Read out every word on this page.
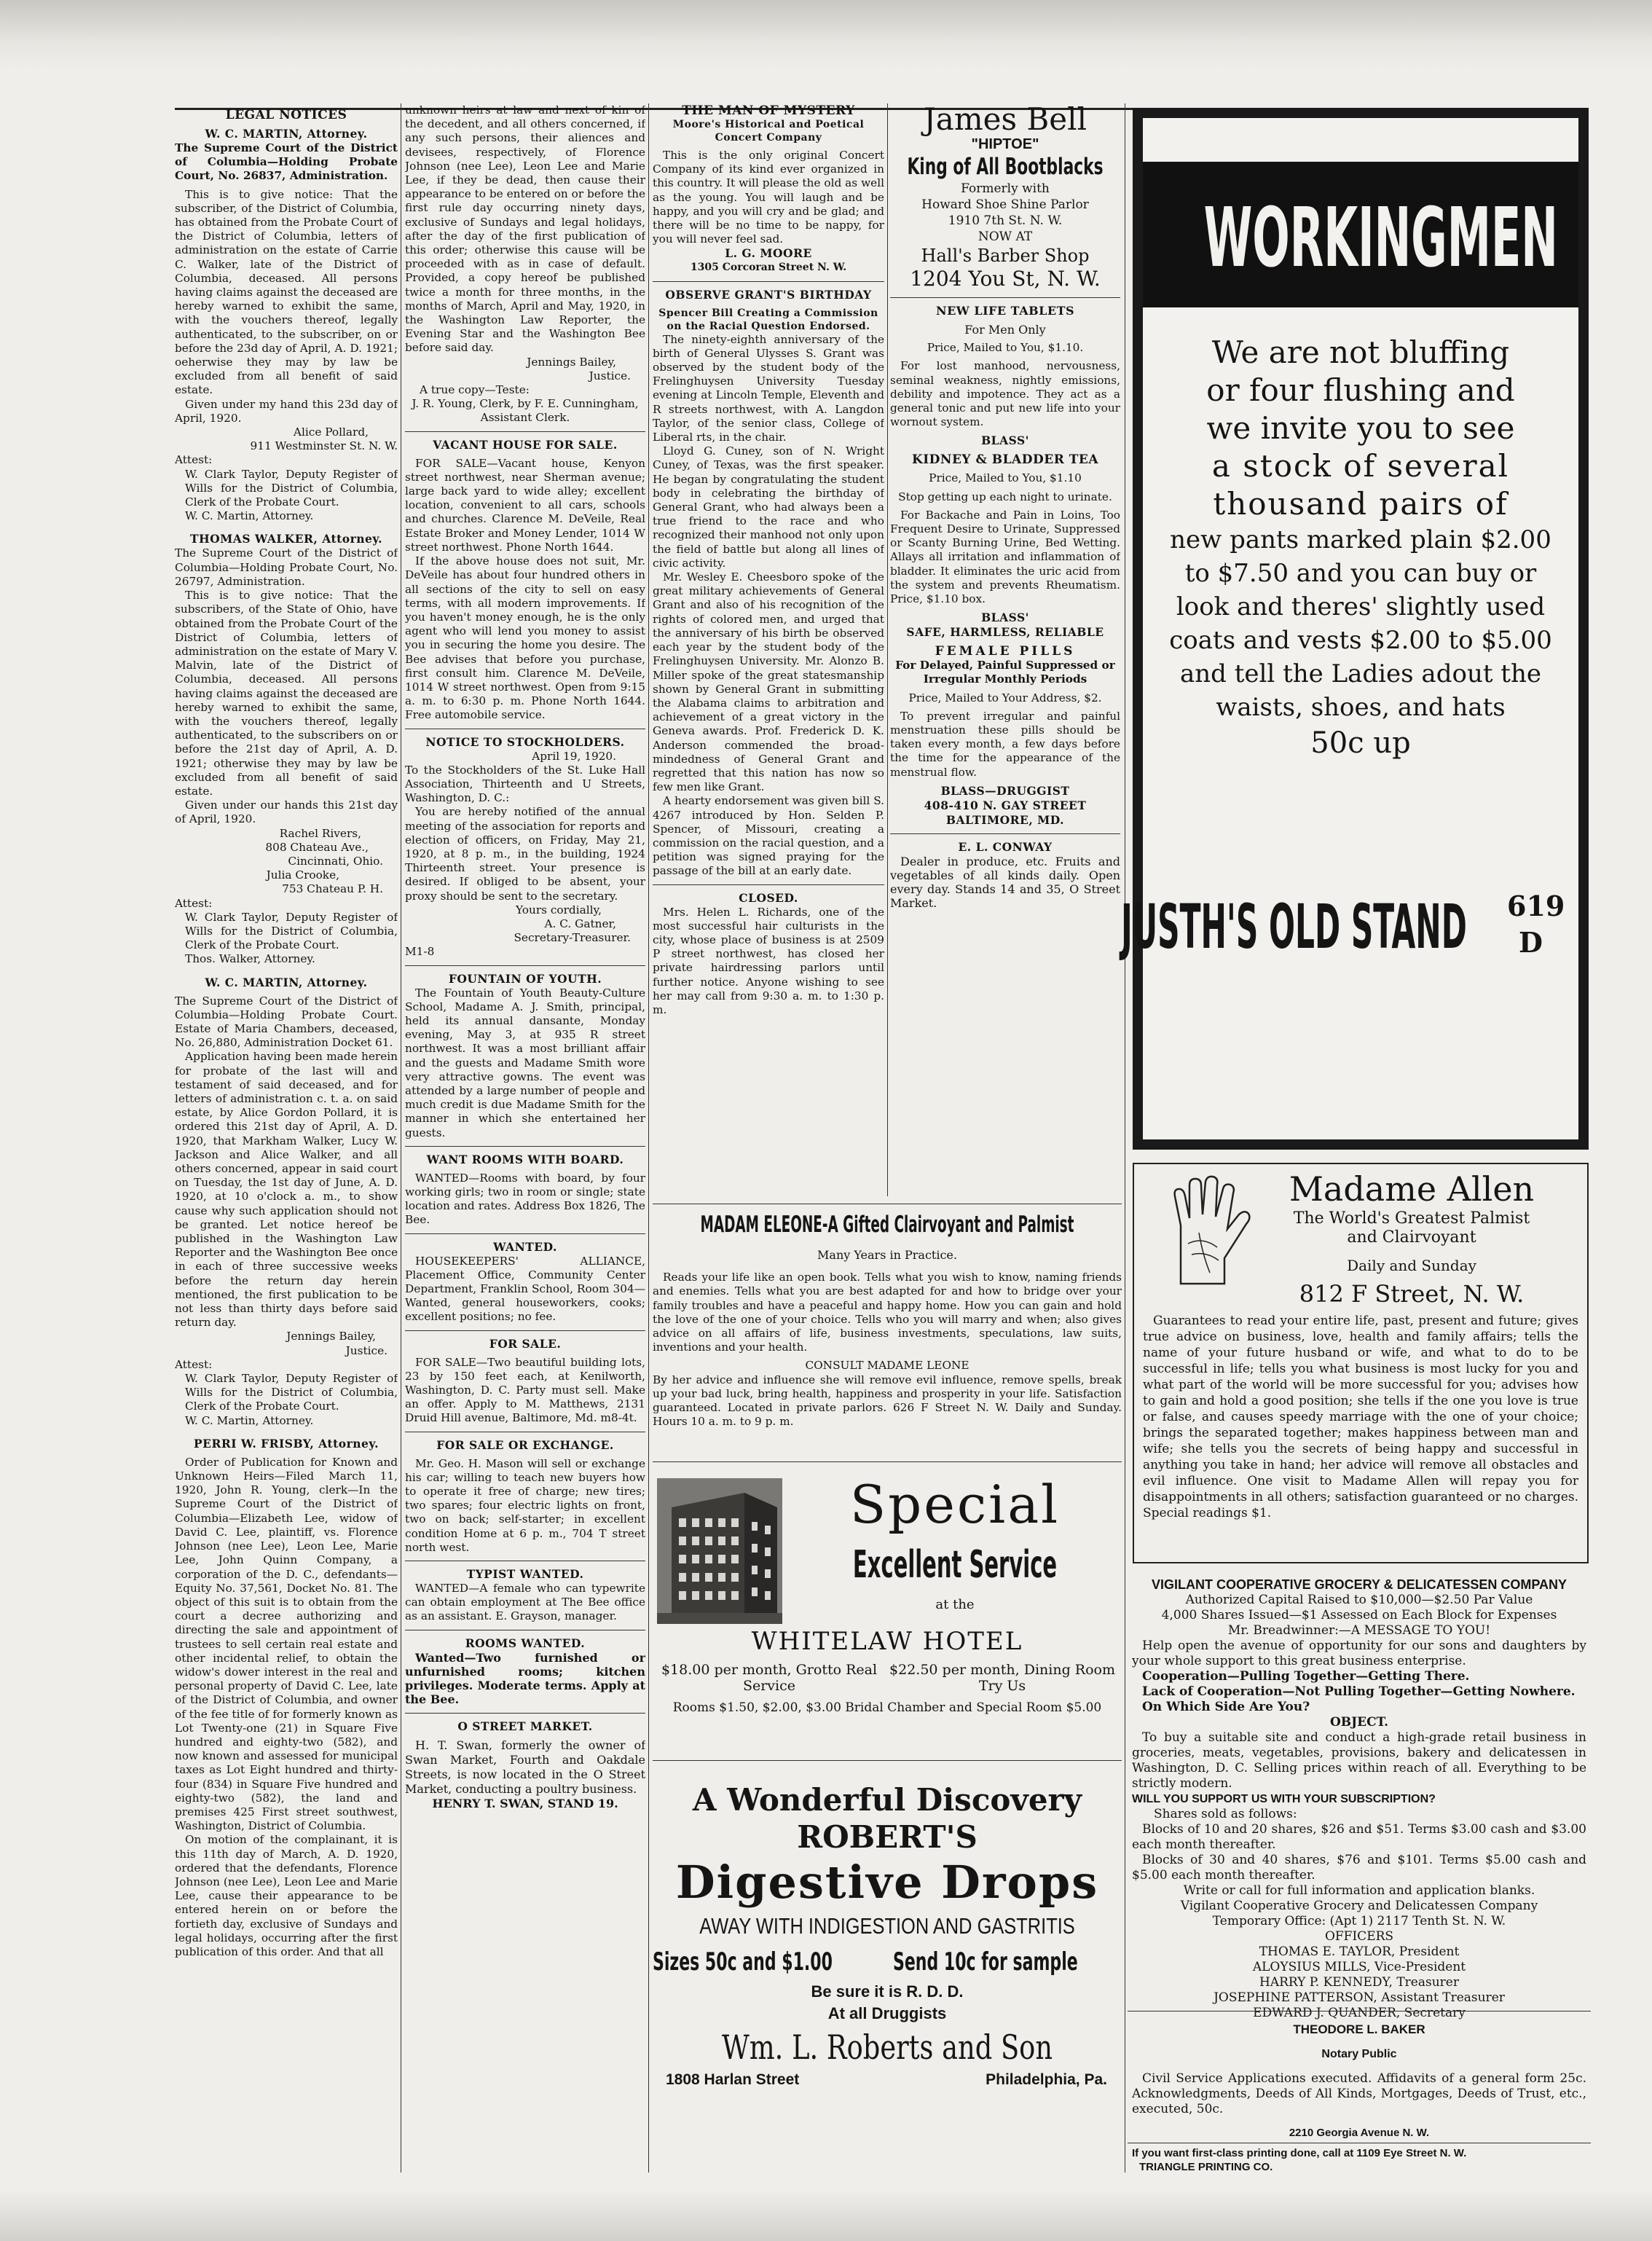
LEGAL NOTICES

W. C. MARTIN, Attorney.

The Supreme Court of the District of Columbia—Holding Probate Court, No. 26837, Administration.

This is to give notice: That the subscriber, of the District of Columbia, has obtained from the Probate Court of the District of Columbia, letters of administration on the estate of Carrie C. Walker, late of the District of Columbia, deceased. All persons having claims against the deceased are hereby warned to exhibit the same, with the vouchers thereof, legally authenticated, to the subscriber, on or before the 23d day of April, A. D. 1921; oeherwise they may by law be excluded from all benefit of said estate.

Given under my hand this 23d day of April, 1920.

Alice Pollard,

911 Westminster St. N. W.

Attest:

W. Clark Taylor, Deputy Register of Wills for the District of Columbia, Clerk of the Probate Court.

W. C. Martin, Attorney.

THOMAS WALKER, Attorney.

The Supreme Court of the District of Columbia—Holding Probate Court, No. 26797, Administration.

This is to give notice: That the subscribers, of the State of Ohio, have obtained from the Probate Court of the District of Columbia, letters of administration on the estate of Mary V. Malvin, late of the District of Columbia, deceased. All persons having claims against the deceased are hereby warned to exhibit the same, with the vouchers thereof, legally authenticated, to the subscribers on or before the 21st day of April, A. D. 1921; otherwise they may by law be excluded from all benefit of said estate.

Given under our hands this 21st day of April, 1920.

Rachel Rivers,

808 Chateau Ave.,

Cincinnati, Ohio.

Julia Crooke,

753 Chateau P. H.

Attest:

W. Clark Taylor, Deputy Register of Wills for the District of Columbia, Clerk of the Probate Court.

Thos. Walker, Attorney.

W. C. MARTIN, Attorney.

The Supreme Court of the District of Columbia—Holding Probate Court. Estate of Maria Chambers, deceased, No. 26,880, Administration Docket 61.

Application having been made herein for probate of the last will and testament of said deceased, and for letters of administration c. t. a. on said estate, by Alice Gordon Pollard, it is ordered this 21st day of April, A. D. 1920, that Markham Walker, Lucy W. Jackson and Alice Walker, and all others concerned, appear in said court on Tuesday, the 1st day of June, A. D. 1920, at 10 o'clock a. m., to show cause why such application should not be granted. Let notice hereof be published in the Washington Law Reporter and the Washington Bee once in each of three successive weeks before the return day herein mentioned, the first publication to be not less than thirty days before said return day.

Jennings Bailey,

Justice.

Attest:

W. Clark Taylor, Deputy Register of Wills for the District of Columbia, Clerk of the Probate Court.

W. C. Martin, Attorney.

PERRI W. FRISBY, Attorney.

Order of Publication for Known and Unknown Heirs—Filed March 11, 1920, John R. Young, clerk—In the Supreme Court of the District of Columbia—Elizabeth Lee, widow of David C. Lee, plaintiff, vs. Florence Johnson (nee Lee), Leon Lee, Marie Lee, John Quinn Company, a corporation of the D. C., defendants—Equity No. 37,561, Docket No. 81. The object of this suit is to obtain from the court a decree authorizing and directing the sale and appointment of trustees to sell certain real estate and other incidental relief, to obtain the widow's dower interest in the real and personal property of David C. Lee, late of the District of Columbia, and owner of the fee title of for formerly known as Lot Twenty-one (21) in Square Five hundred and eighty-two (582), and now known and assessed for municipal taxes as Lot Eight hundred and thirty-four (834) in Square Five hundred and eighty-two (582), the land and premises 425 First street southwest, Washington, District of Columbia.

On motion of the complainant, it is this 11th day of March, A. D. 1920, ordered that the defendants, Florence Johnson (nee Lee), Leon Lee and Marie Lee, cause their appearance to be entered herein on or before the fortieth day, exclusive of Sundays and legal holidays, occurring after the first publication of this order. And that all

unknown heirs at law and next of kin of the decedent, and all others concerned, if any such persons, their aliences and devisees, respectively, of Florence Johnson (nee Lee), Leon Lee and Marie Lee, if they be dead, then cause their appearance to be entered on or before the first rule day occurring ninety days, exclusive of Sundays and legal holidays, after the day of the first publication of this order; otherwise this cause will be proceeded with as in case of default. Provided, a copy hereof be published twice a month for three months, in the months of March, April and May, 1920, in the Washington Law Reporter, the Evening Star and the Washington Bee before said day.

Jennings Bailey,

Justice.

A true copy—Teste:

J. R. Young, Clerk, by F. E. Cunningham, Assistant Clerk.

VACANT HOUSE FOR SALE.

FOR SALE—Vacant house, Kenyon street northwest, near Sherman avenue; large back yard to wide alley; excellent location, convenient to all cars, schools and churches. Clarence M. DeVeile, Real Estate Broker and Money Lender, 1014 W street northwest. Phone North 1644.

If the above house does not suit, Mr. DeVeile has about four hundred others in all sections of the city to sell on easy terms, with all modern improvements. If you haven't money enough, he is the only agent who will lend you money to assist you in securing the home you desire. The Bee advises that before you purchase, first consult him. Clarence M. DeVeile, 1014 W street northwest. Open from 9:15 a. m. to 6:30 p. m. Phone North 1644. Free automobile service.

NOTICE TO STOCKHOLDERS.

April 19, 1920.

To the Stockholders of the St. Luke Hall Association, Thirteenth and U Streets, Washington, D. C.:

You are hereby notified of the annual meeting of the association for reports and election of officers, on Friday, May 21, 1920, at 8 p. m., in the building, 1924 Thirteenth street. Your presence is desired. If obliged to be absent, your proxy should be sent to the secretary.

Yours cordially,

A. C. Gatner,

Secretary-Treasurer.

M1-8

FOUNTAIN OF YOUTH.

The Fountain of Youth Beauty-Culture School, Madame A. J. Smith, principal, held its annual dansante, Monday evening, May 3, at 935 R street northwest. It was a most brilliant affair and the guests and Madame Smith wore very attractive gowns. The event was attended by a large number of people and much credit is due Madame Smith for the manner in which she entertained her guests.

WANT ROOMS WITH BOARD.

WANTED—Rooms with board, by four working girls; two in room or single; state location and rates. Address Box 1826, The Bee.

WANTED.

HOUSEKEEPERS' ALLIANCE, Placement Office, Community Center Department, Franklin School, Room 304—Wanted, general houseworkers, cooks; excellent positions; no fee.

FOR SALE.

FOR SALE—Two beautiful building lots, 23 by 150 feet each, at Kenilworth, Washington, D. C. Party must sell. Make an offer. Apply to M. Matthews, 2131 Druid Hill avenue, Baltimore, Md. m8-4t.

FOR SALE OR EXCHANGE.

Mr. Geo. H. Mason will sell or exchange his car; willing to teach new buyers how to operate it free of charge; new tires; two spares; four electric lights on front, two on back; self-starter; in excellent condition Home at 6 p. m., 704 T street north west.

TYPIST WANTED.

WANTED—A female who can typewrite can obtain employment at The Bee office as an assistant. E. Grayson, manager.

ROOMS WANTED.

Wanted—Two furnished or unfurnished rooms; kitchen privileges. Moderate terms. Apply at the Bee.

O STREET MARKET.

H. T. Swan, formerly the owner of Swan Market, Fourth and Oakdale Streets, is now located in the O Street Market, conducting a poultry business.

HENRY T. SWAN, STAND 19.

THE MAN OF MYSTERY

Moore's Historical and Poetical Concert Company

This is the only original Concert Company of its kind ever organized in this country. It will please the old as well as the young. You will laugh and be happy, and you will cry and be glad; and there will be no time to be nappy, for you will never feel sad.

L. G. MOORE

1305 Corcoran Street N. W.

OBSERVE GRANT'S BIRTHDAY

Spencer Bill Creating a Commission on the Racial Question Endorsed.

The ninety-eighth anniversary of the birth of General Ulysses S. Grant was observed by the student body of the Frelinghuysen University Tuesday evening at Lincoln Temple, Eleventh and R streets northwest, with A. Langdon Taylor, of the senior class, College of Liberal rts, in the chair.

Lloyd G. Cuney, son of N. Wright Cuney, of Texas, was the first speaker. He began by congratulating the student body in celebrating the birthday of General Grant, who had always been a true friend to the race and who recognized their manhood not only upon the field of battle but along all lines of civic activity.

Mr. Wesley E. Cheesboro spoke of the great military achievements of General Grant and also of his recognition of the rights of colored men, and urged that the anniversary of his birth be observed each year by the student body of the Frelinghuysen University. Mr. Alonzo B. Miller spoke of the great statesmanship shown by General Grant in submitting the Alabama claims to arbitration and achievement of a great victory in the Geneva awards. Prof. Frederick D. K. Anderson commended the broad-mindedness of General Grant and regretted that this nation has now so few men like Grant.

A hearty endorsement was given bill S. 4267 introduced by Hon. Selden P. Spencer, of Missouri, creating a commission on the racial question, and a petition was signed praying for the passage of the bill at an early date.

CLOSED.

Mrs. Helen L. Richards, one of the most successful hair culturists in the city, whose place of business is at 2509 P street northwest, has closed her private hairdressing parlors until further notice. Anyone wishing to see her may call from 9:30 a. m. to 1:30 p. m.

James Bell

"HIPTOE"

King of All Bootblacks

Formerly with

Howard Shoe Shine Parlor

1910 7th St. N. W.

NOW AT

Hall's Barber Shop

1204 You St, N. W.

NEW LIFE TABLETS

For Men Only

Price, Mailed to You, $1.10.

For lost manhood, nervousness, seminal weakness, nightly emissions, debility and impotence. They act as a general tonic and put new life into your wornout system.

BLASS'

KIDNEY & BLADDER TEA

Price, Mailed to You, $1.10

Stop getting up each night to urinate.

For Backache and Pain in Loins, Too Frequent Desire to Urinate, Suppressed or Scanty Burning Urine, Bed Wetting. Allays all irritation and inflammation of bladder. It eliminates the uric acid from the system and prevents Rheumatism. Price, $1.10 box.

BLASS'

SAFE, HARMLESS, RELIABLE

FEMALE PILLS

For Delayed, Painful Suppressed or Irregular Monthly Periods

Price, Mailed to Your Address, $2.

To prevent irregular and painful menstruation these pills should be taken every month, a few days before the time for the appearance of the menstrual flow.

BLASS—DRUGGIST

408-410 N. GAY STREET

BALTIMORE, MD.

E. L. CONWAY

Dealer in produce, etc. Fruits and vegetables of all kinds daily. Open every day. Stands 14 and 35, O Street Market.

MADAM ELEONE-A Gifted Clairvoyant and Palmist

Many Years in Practice.

Reads your life like an open book. Tells what you wish to know, naming friends and enemies. Tells what you are best adapted for and how to bridge over your family troubles and have a peaceful and happy home. How you can gain and hold the love of the one of your choice. Tells who you will marry and when; also gives advice on all affairs of life, business investments, speculations, law suits, inventions and your health.

CONSULT MADAME LEONE

By her advice and influence she will remove evil influence, remove spells, break up your bad luck, bring health, happiness and prosperity in your life. Satisfaction guaranteed. Located in private parlors. 626 F Street N. W. Daily and Sunday. Hours 10 a. m. to 9 p. m.

Special

Excellent Service

at the

WHITELAW HOTEL

$18.00 per month, Grotto Real Service

$22.50 per month, Dining Room Try Us

Rooms $1.50, $2.00, $3.00 Bridal Chamber and Special Room $5.00

A Wonderful Discovery

ROBERT'S

Digestive Drops

AWAY WITH INDIGESTION AND GASTRITIS

Sizes 50c and $1.00 Send 10c for sample

Be sure it is R. D. D.

At all Druggists

Wm. L. Roberts and Son

1808 Harlan Street	Philadelphia, Pa.

WORKINGMEN

We are not bluffing

or four flushing and

we invite you to see

a stock of several

thousand pairs of

new pants marked plain $2.00

to $7.50 and you can buy or

look and theres' slightly used

coats and vests $2.00 to $5.00

and tell the Ladies adout the

waists, shoes, and hats

50c up

JUSTH'S OLD STAND 619

D

Madame Allen

The World's Greatest Palmist

and Clairvoyant

Daily and Sunday

812 F Street, N. W.

Guarantees to read your entire life, past, present and future; gives true advice on business, love, health and family affairs; tells the name of your future husband or wife, and what to do to be successful in life; tells you what business is most lucky for you and what part of the world will be more successful for you; advises how to gain and hold a good position; she tells if the one you love is true or false, and causes speedy marriage with the one of your choice; brings the separated together; makes happiness between man and wife; she tells you the secrets of being happy and successful in anything you take in hand; her advice will remove all obstacles and evil influence. One visit to Madame Allen will repay you for disappointments in all others; satisfaction guaranteed or no charges. Special readings $1.

VIGILANT COOPERATIVE GROCERY & DELICATESSEN COMPANY

Authorized Capital Raised to $10,000—$2.50 Par Value

4,000 Shares Issued—$1 Assessed on Each Block for Expenses

Mr. Breadwinner:—A MESSAGE TO YOU!

Help open the avenue of opportunity for our sons and daughters by your whole support to this great business enterprise.

Cooperation—Pulling Together—Getting There.

Lack of Cooperation—Not Pulling Together—Getting Nowhere.

On Which Side Are You?

OBJECT.

To buy a suitable site and conduct a high-grade retail business in groceries, meats, vegetables, provisions, bakery and delicatessen in Washington, D. C. Selling prices within reach of all. Everything to be strictly modern.

WILL YOU SUPPORT US WITH YOUR SUBSCRIPTION?

Shares sold as follows:

Blocks of 10 and 20 shares, $26 and $51. Terms $3.00 cash and $3.00 each month thereafter.

Blocks of 30 and 40 shares, $76 and $101. Terms $5.00 cash and $5.00 each month thereafter.

Write or call for full information and application blanks.

Vigilant Cooperative Grocery and Delicatessen Company

Temporary Office: (Apt 1) 2117 Tenth St. N. W.

OFFICERS

THOMAS E. TAYLOR, President

ALOYSIUS MILLS, Vice-President

HARRY P. KENNEDY, Treasurer

JOSEPHINE PATTERSON, Assistant Treasurer

EDWARD J. QUANDER, Secretary

THEODORE L. BAKER

Notary Public

Civil Service Applications executed. Affidavits of a general form 25c. Acknowledgments, Deeds of All Kinds, Mortgages, Deeds of Trust, etc., executed, 50c.

2210 Georgia Avenue N. W.

If you want first-class printing done, call at 1109 Eye Street N. W.

TRIANGLE PRINTING CO.
